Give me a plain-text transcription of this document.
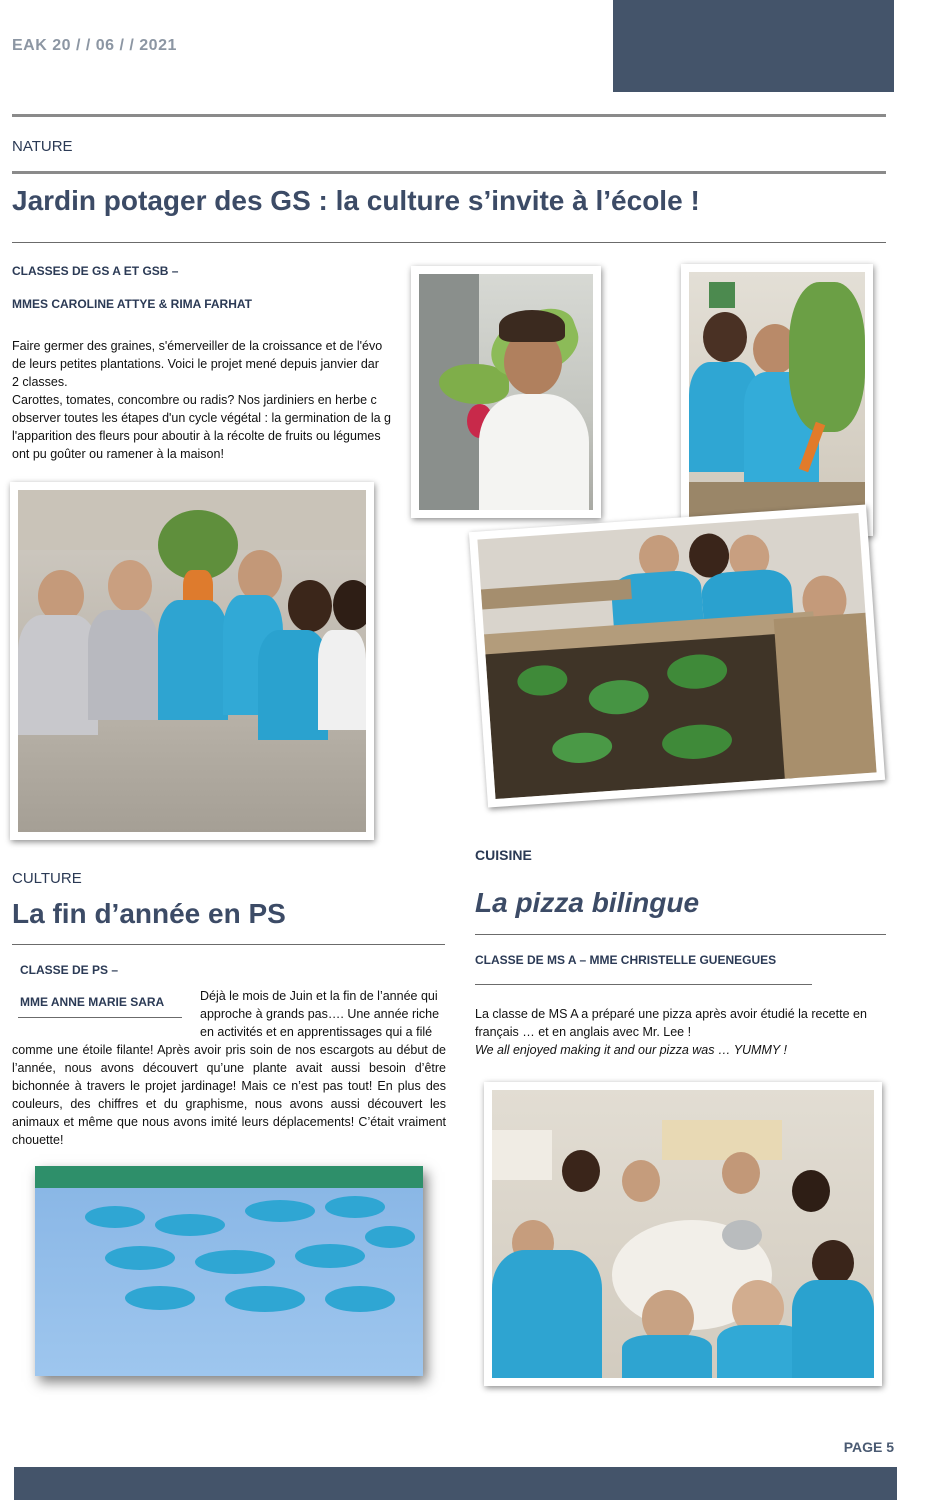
EAK 20 / / 06 / / 2021
NATURE
Jardin potager des GS : la culture s’invite à l’école !
CLASSES DE GS A ET GSB –
MMES CAROLINE ATTYE & RIMA FARHAT
Faire germer des graines, s'émerveiller de la croissance et de l'évo
de leurs petites plantations. Voici le projet mené depuis janvier dar
2 classes.
Carottes, tomates, concombre ou radis? Nos jardiniers en herbe c
observer toutes les étapes d'un cycle végétal : la germination de la g
l'apparition des fleurs pour aboutir à la récolte de fruits ou légumes
ont pu goûter ou ramener à la maison!
CULTURE
La fin d’année en PS
CLASSE DE PS –
MME ANNE MARIE SARA	Déjà le mois de Juin et la fin de l’année qui
approche à grands pas…. Une année riche
en activités et en apprentissages qui a filé
comme une étoile filante! Après avoir pris soin de nos escargots au début de l’année, nous avons découvert qu’une plante avait aussi besoin d’être bichonnée à travers le projet jardinage! Mais ce n’est pas tout! En plus des couleurs, des chiffres et du graphisme, nous avons aussi découvert les animaux et même que nous avons imité leurs déplacements! C’était vraiment chouette!
CUISINE
La pizza bilingue
CLASSE DE MS A – MME CHRISTELLE GUENEGUES
La classe de MS A a préparé une pizza après avoir étudié la recette en français … et en anglais avec Mr. Lee !
We all enjoyed making it and our pizza was … YUMMY !
PAGE 5
